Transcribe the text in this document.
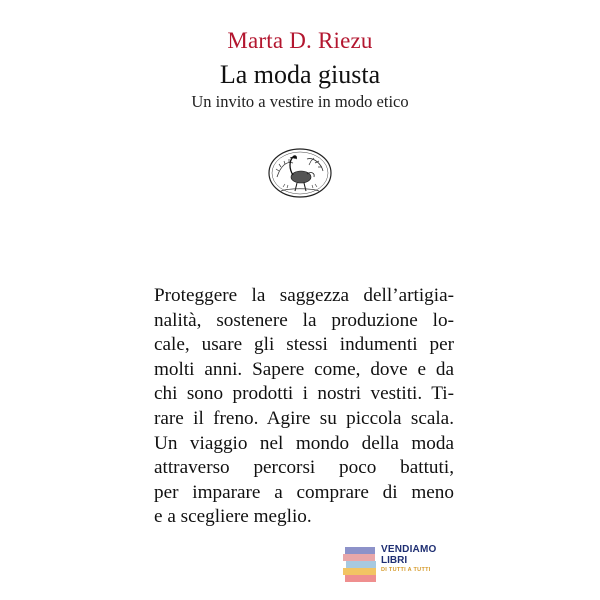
Marta D. Riezu
La moda giusta
Un invito a vestire in modo etico
Proteggere la saggezza dell’artigia-
nalità, sostenere la produzione lo-
cale, usare gli stessi indumenti per
molti anni. Sapere come, dove e da
chi sono prodotti i nostri vestiti. Ti-
rare il freno. Agire su piccola scala.
Un viaggio nel mondo della moda
attraverso percorsi poco battuti,
per imparare a comprare di meno
e a scegliere meglio.
VENDIAMO
LIBRI
DI TUTTI A TUTTI
